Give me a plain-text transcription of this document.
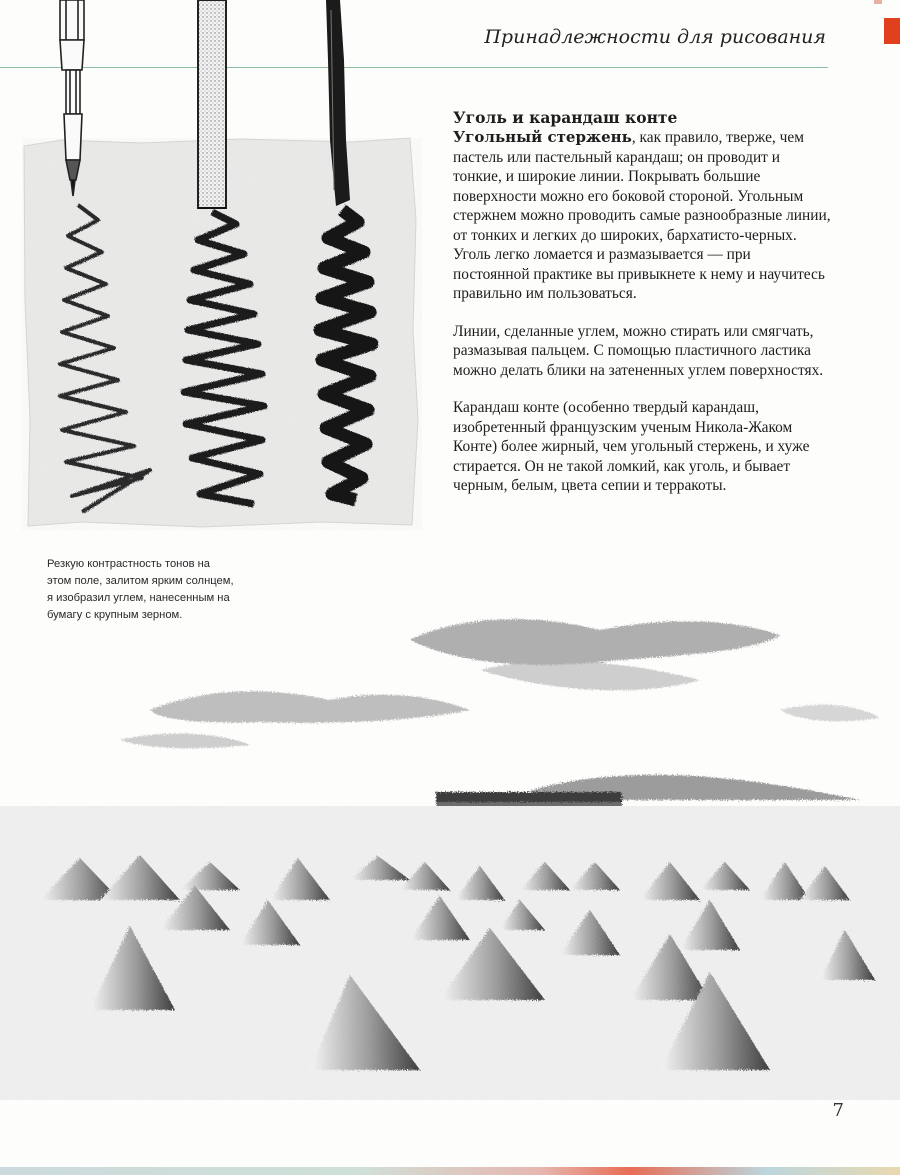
Принадлежности для рисования
Уголь и карандаш конте

Угольный стержень, как правило, тверже, чем пастель или пастельный карандаш; он проводит и тонкие, и широкие линии. Покрывать большие поверхности можно его боковой стороной. Угольным стержнем можно проводить самые разнообразные линии, от тонких и легких до широких, бархатисто-черных. Уголь легко ломается и размазывается — при постоянной практике вы привыкнете к нему и научитесь правильно им пользоваться.

Линии, сделанные углем, можно стирать или смягчать, размазывая пальцем. С помощью пластичного ластика можно делать блики на затененных углем поверхностях.

Карандаш конте (особенно твердый карандаш, изобретенный французским ученым Никола-Жаком Конте) более жирный, чем угольный стержень, и хуже стирается. Он не такой ломкий, как уголь, и бывает черным, белым, цвета сепии и терракоты.

Резкую контрастность тонов на этом поле, залитом ярким солнцем, я изобразил углем, нанесенным на бумагу с крупным зерном.
7
